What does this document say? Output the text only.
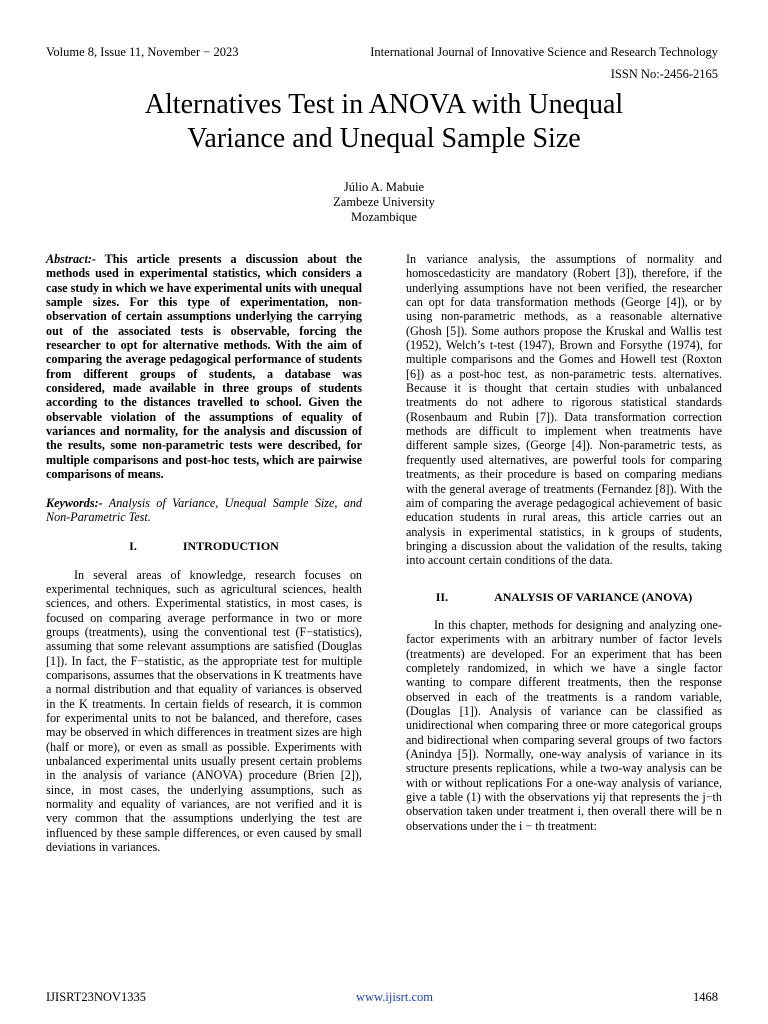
Volume 8, Issue 11, November − 2023	International Journal of Innovative Science and Research Technology
ISSN No:-2456-2165
Alternatives Test in ANOVA with Unequal
Variance and Unequal Sample Size
Júlio A. Mabuie
Zambeze University
Mozambique

Abstract:- This article presents a discussion about the methods used in experimental statistics, which considers a case study in which we have experimental units with unequal sample sizes. For this type of experimentation, non-observation of certain assumptions underlying the carrying out of the associated tests is observable, forcing the researcher to opt for alternative methods. With the aim of comparing the average pedagogical performance of students from different groups of students, a database was considered, made available in three groups of students according to the distances travelled to school. Given the observable violation of the assumptions of equality of variances and normality, for the analysis and discussion of the results, some non-parametric tests were described, for multiple comparisons and post-hoc tests, which are pairwise comparisons of means.

Keywords:- Analysis of Variance, Unequal Sample Size, and Non-Parametric Test.

I.	INTRODUCTION

In several areas of knowledge, research focuses on experimental techniques, such as agricultural sciences, health sciences, and others. Experimental statistics, in most cases, is focused on comparing average performance in two or more groups (treatments), using the conventional test (F−statistics), assuming that some relevant assumptions are satisfied (Douglas [1]). In fact, the F−statistic, as the appropriate test for multiple comparisons, assumes that the observations in K treatments have a normal distribution and that equality of variances is observed in the K treatments. In certain fields of research, it is common for experimental units to not be balanced, and therefore, cases may be observed in which differences in treatment sizes are high (half or more), or even as small as possible. Experiments with unbalanced experimental units usually present certain problems in the analysis of variance (ANOVA) procedure (Brien [2]), since, in most cases, the underlying assumptions, such as normality and equality of variances, are not verified and it is very common that the assumptions underlying the test are influenced by these sample differences, or even caused by small deviations in variances.

In variance analysis, the assumptions of normality and homoscedasticity are mandatory (Robert [3]), therefore, if the underlying assumptions have not been verified, the researcher can opt for data transformation methods (George [4]), or by using non-parametric methods, as a reasonable alternative (Ghosh [5]). Some authors propose the Kruskal and Wallis test (1952), Welch’s t-test (1947), Brown and Forsythe (1974), for multiple comparisons and the Gomes and Howell test (Roxton [6]) as a post-hoc test, as non-parametric tests. alternatives. Because it is thought that certain studies with unbalanced treatments do not adhere to rigorous statistical standards (Rosenbaum and Rubin [7]). Data transformation correction methods are difficult to implement when treatments have different sample sizes, (George [4]). Non-parametric tests, as frequently used alternatives, are powerful tools for comparing treatments, as their procedure is based on comparing medians with the general average of treatments (Fernandez [8]). With the aim of comparing the average pedagogical achievement of basic education students in rural areas, this article carries out an analysis in experimental statistics, in k groups of students, bringing a discussion about the validation of the results, taking into account certain conditions of the data.

II.	ANALYSIS OF VARIANCE (ANOVA)

In this chapter, methods for designing and analyzing one-factor experiments with an arbitrary number of factor levels (treatments) are developed. For an experiment that has been completely randomized, in which we have a single factor wanting to compare different treatments, then the response observed in each of the treatments is a random variable, (Douglas [1]). Analysis of variance can be classified as unidirectional when comparing three or more categorical groups and bidirectional when comparing several groups of two factors (Anindya [5]). Normally, one-way analysis of variance in its structure presents replications, while a two-way analysis can be with or without replications For a one-way analysis of variance, give a table (1) with the observations yij that represents the j−th observation taken under treatment i, then overall there will be n observations under the i − th treatment:

IJISRT23NOV1335	www.ijisrt.com	1468
